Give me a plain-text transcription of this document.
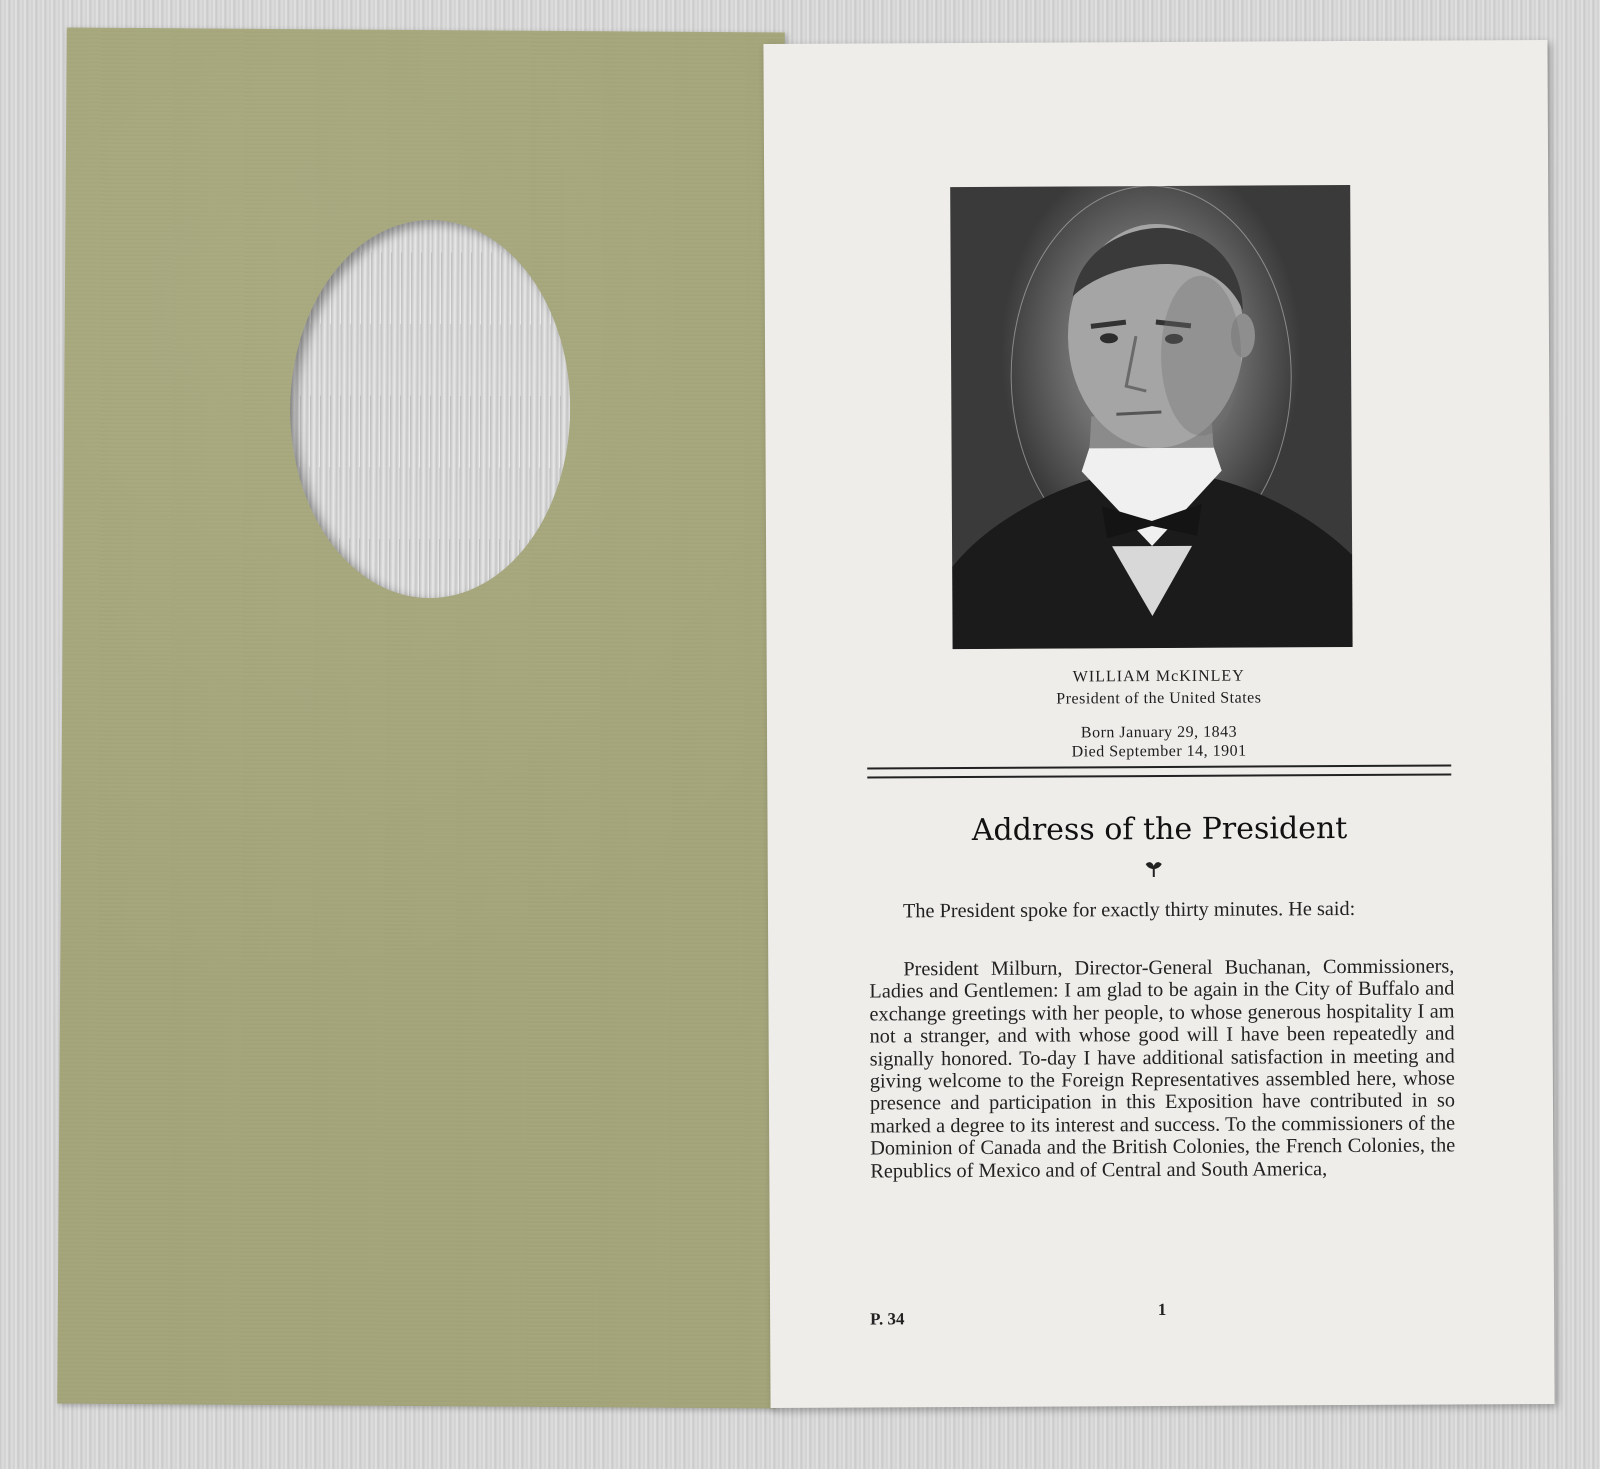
WILLIAM McKINLEY
President of the United States
Born January 29, 1843
Died September 14, 1901
Address of the President
The President spoke for exactly thirty minutes. He said:
President Milburn, Director-General Buchanan, Commissioners, Ladies and Gentlemen: I am glad to be again in the City of Buffalo and exchange greetings with her people, to whose generous hospitality I am not a stranger, and with whose good will I have been repeatedly and signally honored. To-day I have additional satisfaction in meeting and giving welcome to the Foreign Representatives assembled here, whose presence and participation in this Exposition have contributed in so marked a degree to its interest and success. To the commissioners of the Dominion of Canada and the British Colonies, the French Colonies, the Republics of Mexico and of Central and South America,
1
P. 34
